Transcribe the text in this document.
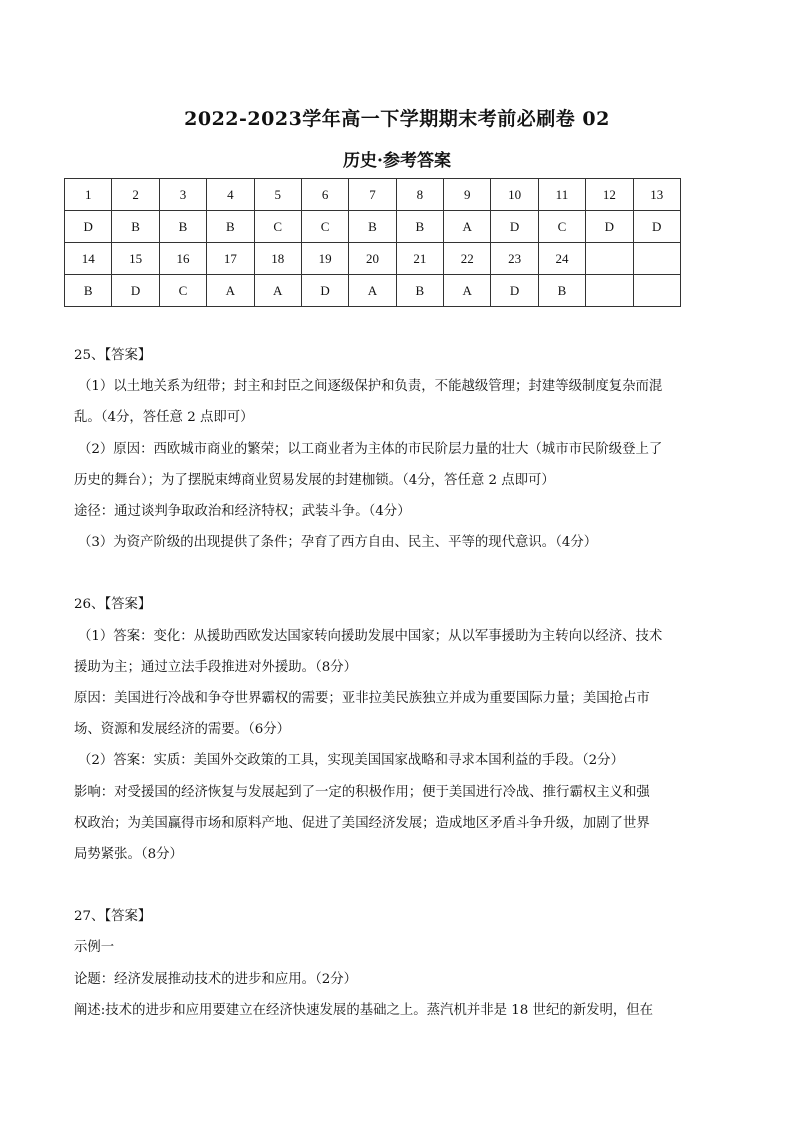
2022-2023学年高一下学期期末考前必刷卷 02
历史·参考答案
1	2	3	4	5	6	7	8	9	10	11	12	13
D	B	B	B	C	C	B	B	A	D	C	D	D
14	15	16	17	18	19	20	21	22	23	24		
B	D	C	A	A	D	A	B	A	D	B		

25、【答案】

（1）以土地关系为纽带；封主和封臣之间逐级保护和负责，不能越级管理；封建等级制度复杂而混

乱。（4分，答任意 2 点即可）

（2）原因：西欧城市商业的繁荣；以工商业者为主体的市民阶层力量的壮大（城市市民阶级登上了

历史的舞台）；为了摆脱束缚商业贸易发展的封建枷锁。（4分，答任意 2 点即可）

途径：通过谈判争取政治和经济特权；武装斗争。（4分）

（3）为资产阶级的出现提供了条件；孕育了西方自由、民主、平等的现代意识。（4分）

26、【答案】

（1）答案：变化：从援助西欧发达国家转向援助发展中国家；从以军事援助为主转向以经济、技术

援助为主；通过立法手段推进对外援助。（8分）

原因：美国进行冷战和争夺世界霸权的需要；亚非拉美民族独立并成为重要国际力量；美国抢占市

场、资源和发展经济的需要。（6分）

（2）答案：实质：美国外交政策的工具，实现美国国家战略和寻求本国利益的手段。（2分）

影响：对受援国的经济恢复与发展起到了一定的积极作用；便于美国进行冷战、推行霸权主义和强

权政治；为美国赢得市场和原料产地、促进了美国经济发展；造成地区矛盾斗争升级，加剧了世界

局势紧张。（8分）

27、【答案】

示例一

论题：经济发展推动技术的进步和应用。（2分）

阐述:技术的进步和应用要建立在经济快速发展的基础之上。蒸汽机并非是 18 世纪的新发明，但在
